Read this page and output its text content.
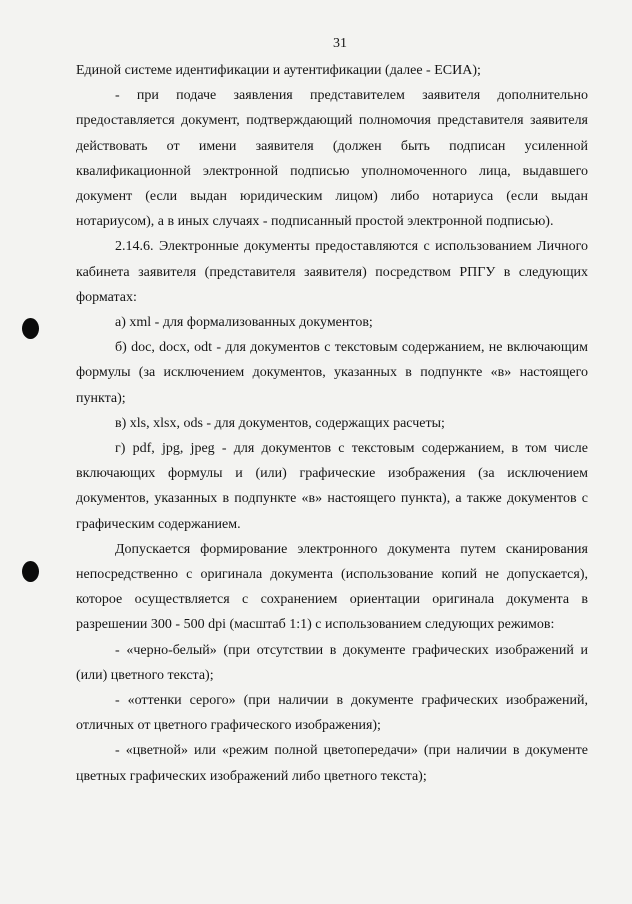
31

Единой системе идентификации и аутентификации (далее - ЕСИА);

- при подаче заявления представителем заявителя дополнительно предоставляется документ, подтверждающий полномочия представителя заявителя действовать от имени заявителя (должен быть подписан усиленной квалификационной электронной подписью уполномоченного лица, выдавшего документ (если выдан юридическим лицом) либо нотариуса (если выдан нотариусом), а в иных случаях - подписанный простой электронной подписью).

2.14.6. Электронные документы предоставляются с использованием Личного кабинета заявителя (представителя заявителя) посредством РПГУ в следующих форматах:

а) xml - для формализованных документов;

б) doc, docx, odt - для документов с текстовым содержанием, не включающим формулы (за исключением документов, указанных в подпункте «в» настоящего пункта);

в) xls, xlsx, ods - для документов, содержащих расчеты;

г) pdf, jpg, jpeg - для документов с текстовым содержанием, в том числе включающих формулы и (или) графические изображения (за исключением документов, указанных в подпункте «в» настоящего пункта), а также документов с графическим содержанием.

Допускается формирование электронного документа путем сканирования непосредственно с оригинала документа (использование копий не допускается), которое осуществляется с сохранением ориентации оригинала документа в разрешении 300 - 500 dpi (масштаб 1:1) с использованием следующих режимов:

- «черно-белый» (при отсутствии в документе графических изображений и (или) цветного текста);

- «оттенки серого» (при наличии в документе графических изображений, отличных от цветного графического изображения);

- «цветной» или «режим полной цветопередачи» (при наличии в документе цветных графических изображений либо цветного текста);
